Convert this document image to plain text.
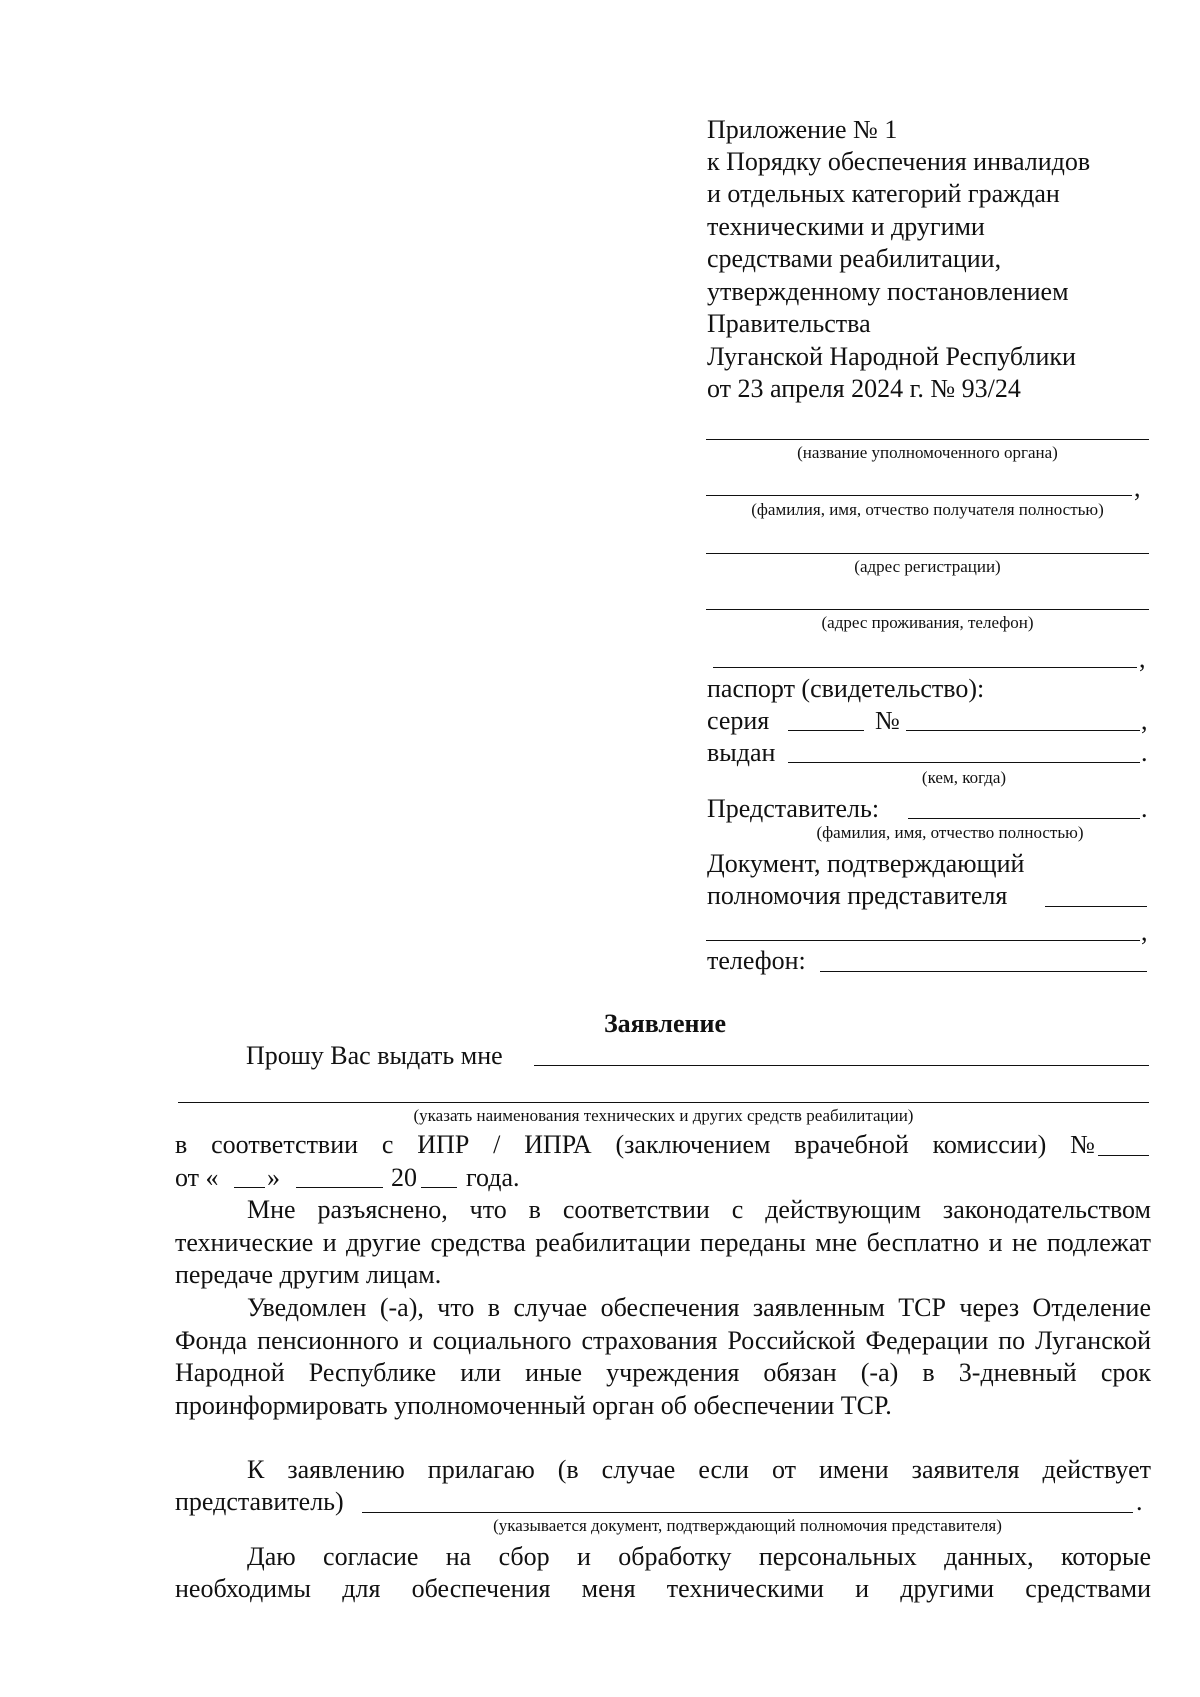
Приложение № 1
к Порядку обеспечения инвалидов
и отдельных категорий граждан
техническими и другими
средствами реабилитации,
утвержденному постановлением
Правительства
Луганской Народной Республики
от 23 апреля 2024 г. № 93/24
(название уполномоченного органа)
,
(фамилия, имя, отчество получателя полностью)
(адрес регистрации)
(адрес проживания, телефон)
,
паспорт (свидетельство):
серия	№	,
выдан	.
(кем, когда)
Представитель:	.
(фамилия, имя, отчество полностью)
Документ, подтверждающий
полномочия представителя
,
телефон:
Заявление
Прошу Вас выдать мне
(указать наименования технических и других средств реабилитации)
в соответствии с ИПР / ИПРА (заключением врачебной комиссии) №
от « »	20 года.
Мне разъяснено, что в соответствии с действующим законодательством технические и другие средства реабилитации переданы мне бесплатно и не подлежат передаче другим лицам.
Уведомлен (-а), что в случае обеспечения заявленным ТСР через Отделение Фонда пенсионного и социального страхования Российской Федерации по Луганской Народной Республике или иные учреждения обязан (-а) в 3-дневный срок проинформировать уполномоченный орган об обеспечении ТСР.
К заявлению прилагаю (в случае если от имени заявителя действует
представитель)	.
(указывается документ, подтверждающий полномочия представителя)
Даю согласие на сбор и обработку персональных данных, которые
необходимы для обеспечения меня техническими и другими средствами
